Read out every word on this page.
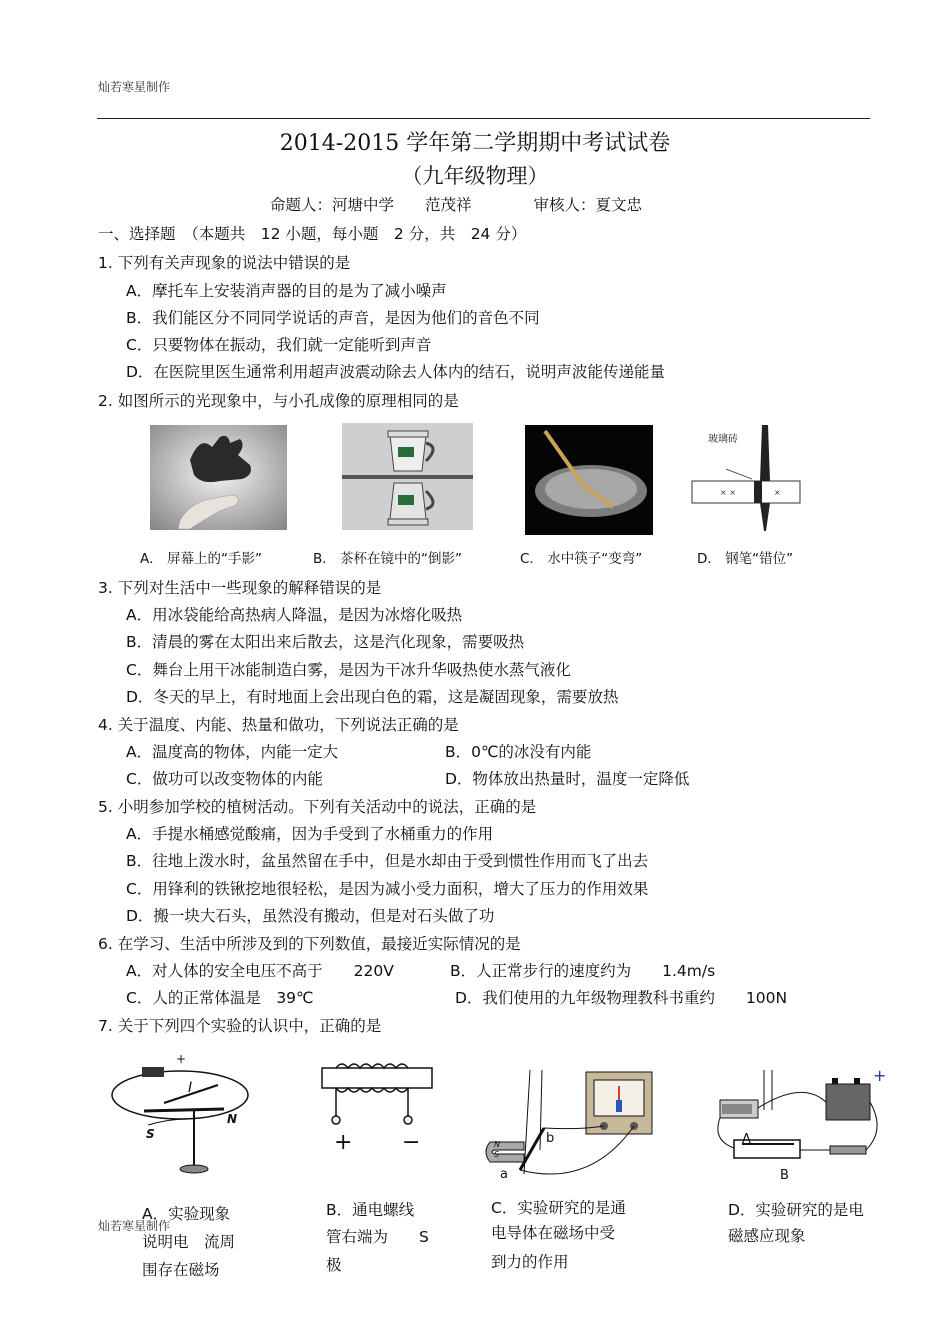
灿若寒星制作
2014-2015 学年第二学期期中考试试卷
（九年级物理）
命题人：河塘中学　　范茂祥　　　　审核人：夏文忠
一、选择题　（本题共　12 小题，每小题　2 分，共　24 分）
1. 下列有关声现象的说法中错误的是
A．摩托车上安装消声器的目的是为了减小噪声
B．我们能区分不同同学说话的声音，是因为他们的音色不同
C．只要物体在振动，我们就一定能听到声音
D．在医院里医生通常利用超声波震动除去人体内的结石，说明声波能传递能量
2. 如图所示的光现象中，与小孔成像的原理相同的是
× ×	×
玻璃砖
A． 屏幕上的“手影”	B． 茶杯在镜中的“倒影”	C． 水中筷子“变弯”	D． 钢笔“错位”
3. 下列对生活中一些现象的解释错误的是
A．用冰袋能给高热病人降温，是因为冰熔化吸热
B．清晨的雾在太阳出来后散去，这是汽化现象，需要吸热
C．舞台上用干冰能制造白雾，是因为干冰升华吸热使水蒸气液化
D．冬天的早上，有时地面上会出现白色的霜，这是凝固现象，需要放热
4. 关于温度、内能、热量和做功，下列说法正确的是
A．温度高的物体，内能一定大	B．0℃的冰没有内能
C．做功可以改变物体的内能	D．物体放出热量时，温度一定降低
5. 小明参加学校的植树活动。下列有关活动中的说法，正确的是
A．手提水桶感觉酸痛，因为手受到了水桶重力的作用
B．往地上泼水时，盆虽然留在手中，但是水却由于受到惯性作用而飞了出去
C．用锋利的铁锹挖地很轻松，是因为减小受力面积，增大了压力的作用效果
D．搬一块大石头，虽然没有搬动，但是对石头做了功
6. 在学习、生活中所涉及到的下列数值，最接近实际情况的是
A．对人体的安全电压不高于　　220V	B．人正常步行的速度约为　　1.4m/s
C．人的正常体温是　39℃	D．我们使用的九年级物理教科书重约　　100N
7. 关于下列四个实验的认识中，正确的是
+
I
N
S	+ −	N
S
a
b
+
A
B
A．实验现象
说明电　流周
围存在磁场
B．通电螺线
管右端为　　S
极
C．实验研究的是通
电导体在磁场中受
到力的作用
D．实验研究的是电
磁感应现象
灿若寒星制作
